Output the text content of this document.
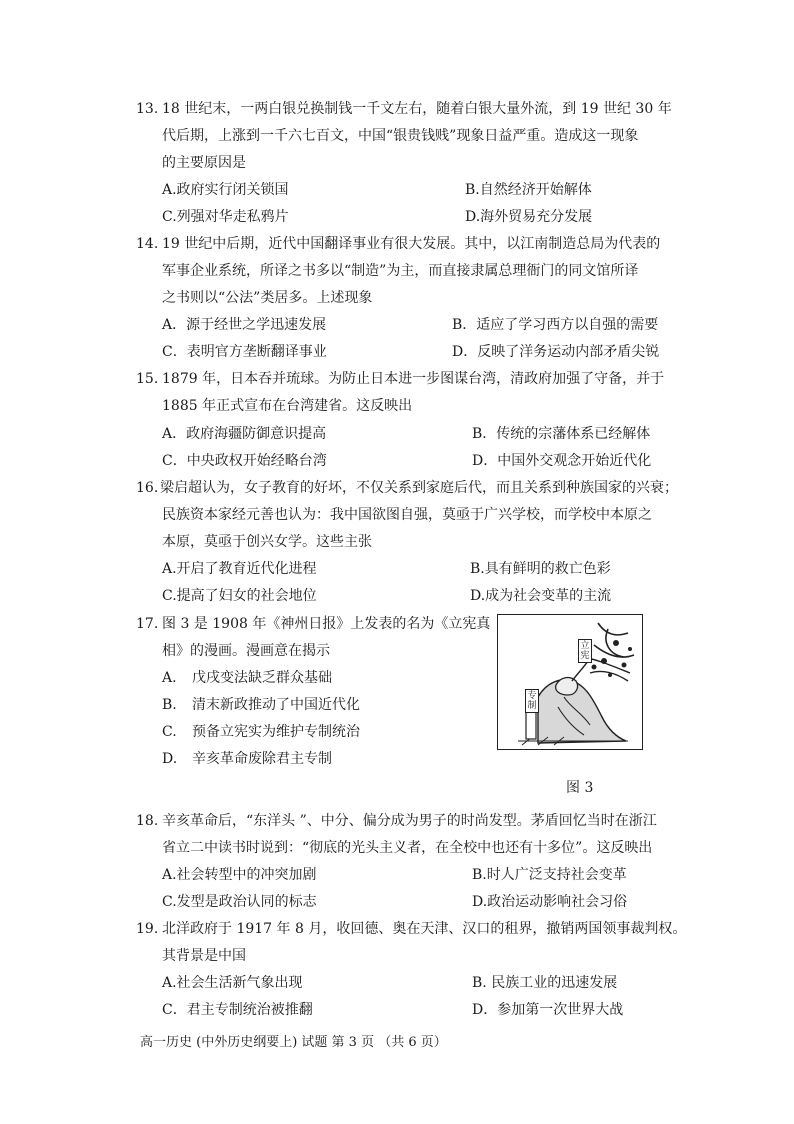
13. 18 世纪末，一两白银兑换制钱一千文左右，随着白银大量外流，到 19 世纪 30 年
代后期，上涨到一千六七百文，中国“银贵钱贱”现象日益严重。造成这一现象
的主要原因是
A.政府实行闭关锁国	B.自然经济开始解体
C.列强对华走私鸦片	D.海外贸易充分发展
14. 19 世纪中后期，近代中国翻译事业有很大发展。其中，以江南制造总局为代表的
军事企业系统，所译之书多以“制造”为主，而直接隶属总理衙门的同文馆所译
之书则以“公法”类居多。上述现象
A．源于经世之学迅速发展	B．适应了学习西方以自强的需要
C．表明官方垄断翻译事业	D．反映了洋务运动内部矛盾尖锐
15. 1879 年，日本吞并琉球。为防止日本进一步图谋台湾，清政府加强了守备，并于
1885 年正式宣布在台湾建省。这反映出
A．政府海疆防御意识提高	B．传统的宗藩体系已经解体
C．中央政权开始经略台湾	D．中国外交观念开始近代化
16. 梁启超认为，女子教育的好坏，不仅关系到家庭后代，而且关系到种族国家的兴衰；
民族资本家经元善也认为：我中国欲图自强，莫亟于广兴学校，而学校中本原之
本原，莫亟于创兴女学。这些主张
A.开启了教育近代化进程	B.具有鲜明的救亡色彩
C.提高了妇女的社会地位	D.成为社会变革的主流
17. 图 3 是 1908 年《神州日报》上发表的名为《立宪真
相》的漫画。漫画意在揭示
A. 戊戌变法缺乏群众基础
B. 清末新政推动了中国近代化
C. 预备立宪实为维护专制统治
D. 辛亥革命废除君主专制
立宪
专制
图 3
18. 辛亥革命后，“东洋头 ”、中分、偏分成为男子的时尚发型。茅盾回忆当时在浙江
省立二中读书时说到：“彻底的光头主义者，在全校中也还有十多位”。这反映出
A.社会转型中的冲突加剧	B.时人广泛支持社会变革
C.发型是政治认同的标志	D.政治运动影响社会习俗
19. 北洋政府于 1917 年 8 月，收回德、奥在天津、汉口的租界，撤销两国领事裁判权。
其背景是中国
A.社会生活新气象出现	B. 民族工业的迅速发展
C．君主专制统治被推翻	D．参加第一次世界大战
高一历史 (中外历史纲要上) 试题 第 3 页 （共 6 页）
